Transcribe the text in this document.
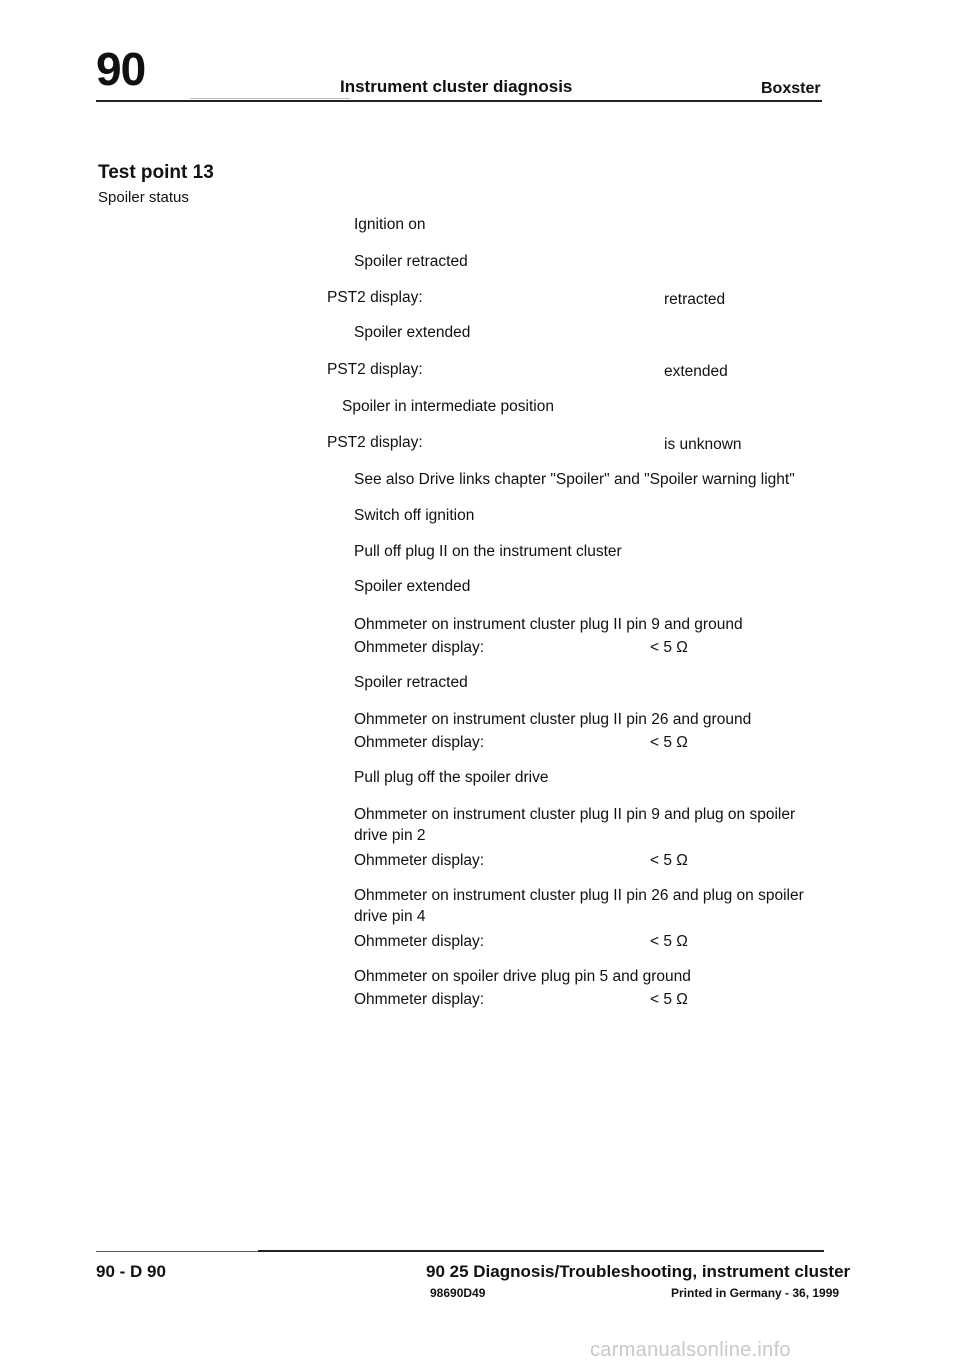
90	Instrument cluster diagnosis	Boxster
Test point 13
Spoiler status
Ignition on
Spoiler retracted
PST2 display:	retracted
Spoiler extended
PST2 display:	extended
Spoiler in intermediate position
PST2 display:	is unknown
See also Drive links chapter "Spoiler" and "Spoiler warning light"
Switch off ignition
Pull off plug II on the instrument cluster
Spoiler extended
Ohmmeter on instrument cluster plug II pin 9 and ground
Ohmmeter display:	< 5 Ω
Spoiler retracted
Ohmmeter on instrument cluster plug II pin 26 and ground
Ohmmeter display:	< 5 Ω
Pull plug off the spoiler drive
Ohmmeter on instrument cluster plug II pin 9 and plug on spoiler drive pin 2
Ohmmeter display:	< 5 Ω
Ohmmeter on instrument cluster plug II pin 26 and plug on spoiler drive pin 4
Ohmmeter display:	< 5 Ω
Ohmmeter on spoiler drive plug pin 5 and ground
Ohmmeter display:	< 5 Ω
90 - D 90	90 25 Diagnosis/Troubleshooting, instrument cluster
98690D49	Printed in Germany - 36, 1999
carmanualsonline.info
